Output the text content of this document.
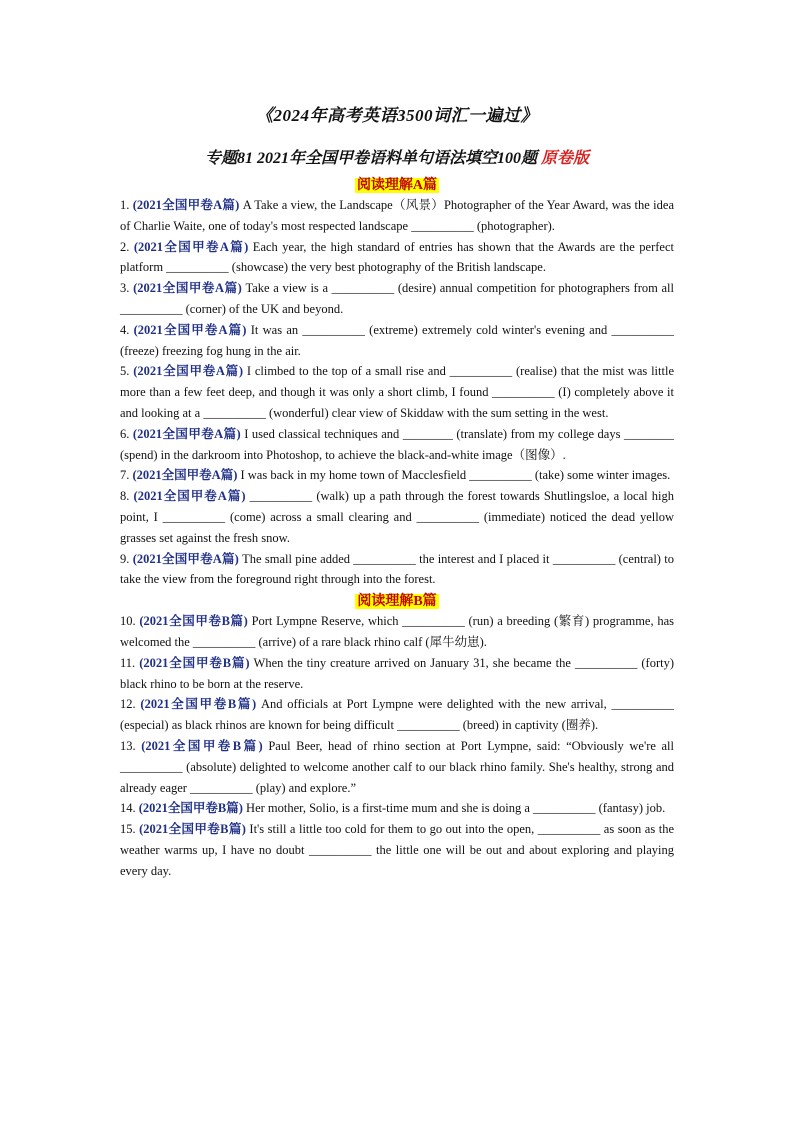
《2024年高考英语3500词汇一遍过》
专题81 2021年全国甲卷语料单句语法填空100题 原卷版
阅读理解A篇

1. (2021全国甲卷A篇) A Take a view, the Landscape（风景）Photographer of the Year Award, was the idea of Charlie Waite, one of today's most respected landscape __________ (photographer).

2. (2021全国甲卷A篇) Each year, the high standard of entries has shown that the Awards are the perfect platform __________ (showcase) the very best photography of the British landscape.

3. (2021全国甲卷A篇) Take a view is a __________ (desire) annual competition for photographers from all __________ (corner) of the UK and beyond.

4. (2021全国甲卷A篇) It was an __________ (extreme) extremely cold winter's evening and __________ (freeze) freezing fog hung in the air.

5. (2021全国甲卷A篇) I climbed to the top of a small rise and __________ (realise) that the mist was little more than a few feet deep, and though it was only a short climb, I found __________ (I) completely above it and looking at a __________ (wonderful) clear view of Skiddaw with the sum setting in the west.

6. (2021全国甲卷A篇) I used classical techniques and ________ (translate) from my college days ________ (spend) in the darkroom into Photoshop, to achieve the black-and-white image（图像）.

7. (2021全国甲卷A篇) I was back in my home town of Macclesfield __________ (take) some winter images.

8. (2021全国甲卷A篇) __________ (walk) up a path through the forest towards Shutlingsloe, a local high point, I __________ (come) across a small clearing and __________ (immediate) noticed the dead yellow grasses set against the fresh snow.

9. (2021全国甲卷A篇) The small pine added __________ the interest and I placed it __________ (central) to take the view from the foreground right through into the forest.

阅读理解B篇

10. (2021全国甲卷B篇) Port Lympne Reserve, which __________ (run) a breeding (繁育) programme, has welcomed the __________ (arrive) of a rare black rhino calf (犀牛幼崽).

11. (2021全国甲卷B篇) When the tiny creature arrived on January 31, she became the __________ (forty) black rhino to be born at the reserve.

12. (2021全国甲卷B篇) And officials at Port Lympne were delighted with the new arrival, __________ (especial) as black rhinos are known for being difficult __________ (breed) in captivity (圈养).

13. (2021全国甲卷B篇) Paul Beer, head of rhino section at Port Lympne, said: “Obviously we're all __________ (absolute) delighted to welcome another calf to our black rhino family. She's healthy, strong and already eager __________ (play) and explore.”

14. (2021全国甲卷B篇) Her mother, Solio, is a first-time mum and she is doing a __________ (fantasy) job.

15. (2021全国甲卷B篇) It's still a little too cold for them to go out into the open, __________ as soon as the weather warms up, I have no doubt __________ the little one will be out and about exploring and playing every day.
